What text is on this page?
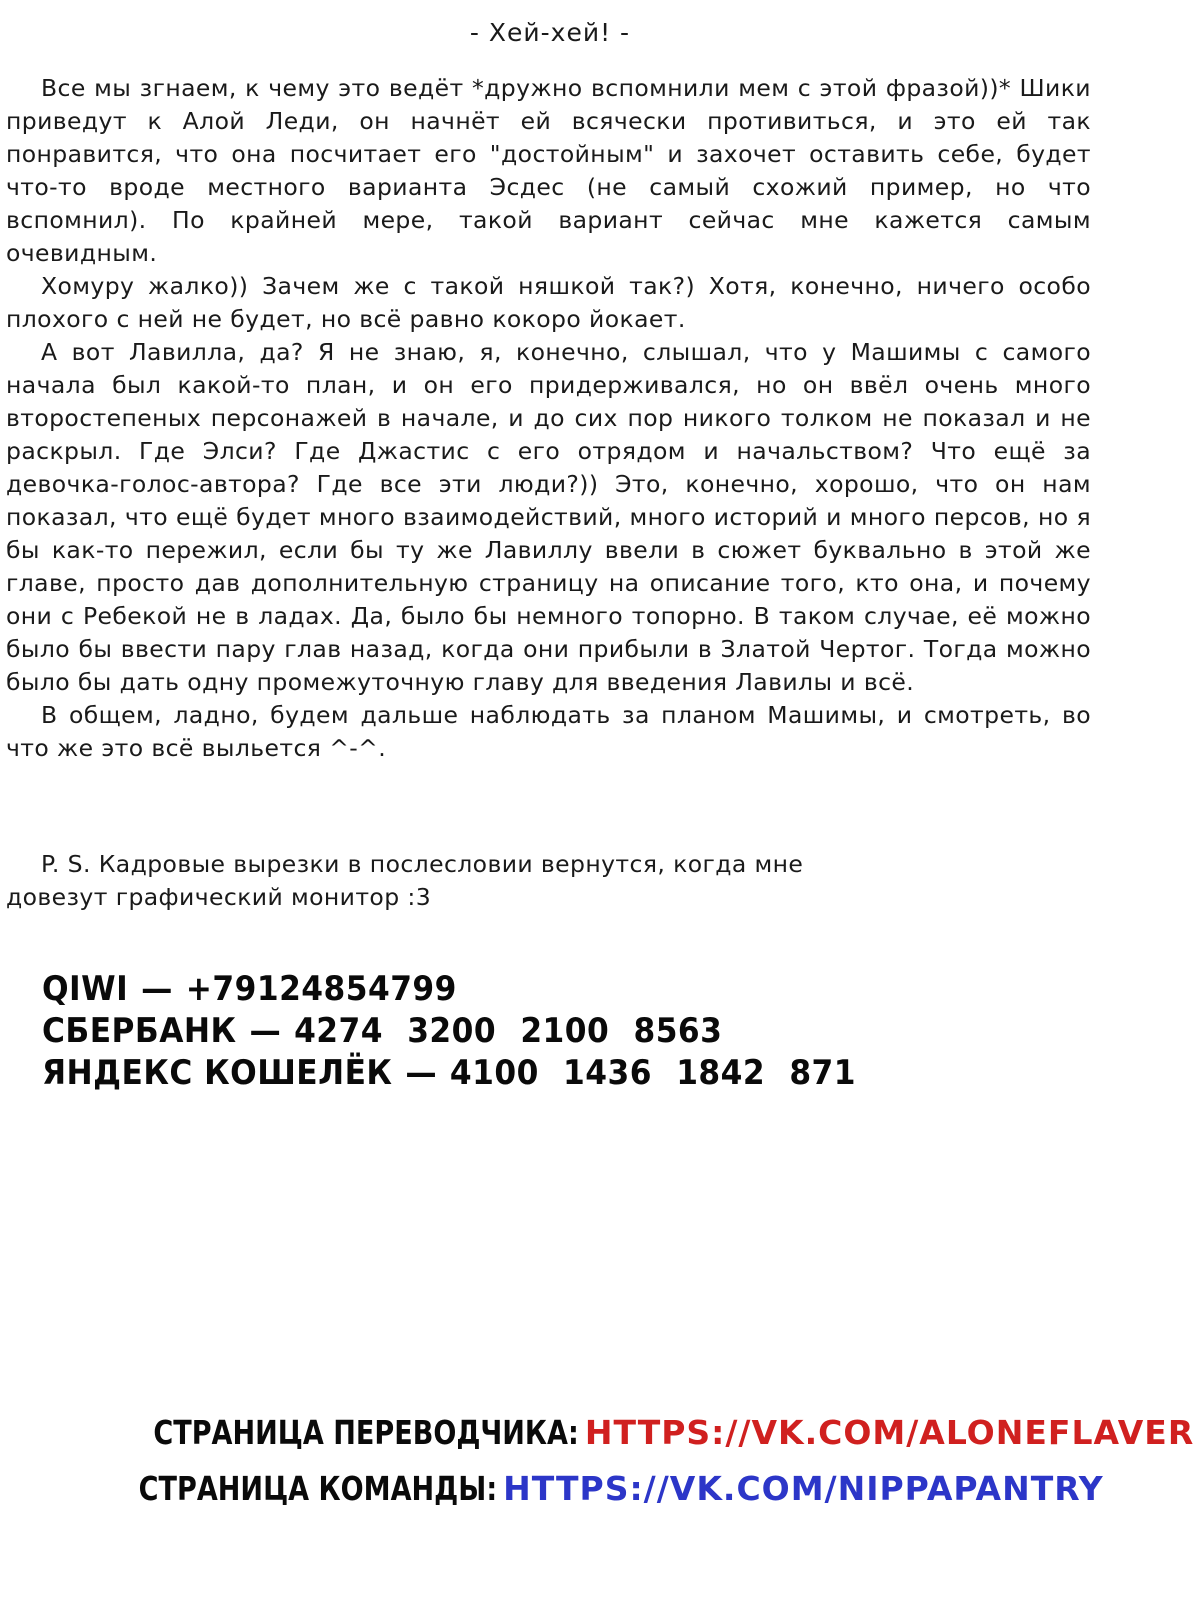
- Хей-хей! -

Все мы згнаем, к чему это ведёт *дружно вспомнили мем с этой фразой))* Шики приведут к Алой Леди, он начнёт ей всячески противиться, и это ей так понравится, что она посчитает его "достойным" и захочет оставить себе, будет что-то вроде местного варианта Эсдес (не самый схожий пример, но что вспомнил). По крайней мере, такой вариант сейчас мне кажется самым очевидным.

Хомуру жалко)) Зачем же с такой няшкой так?) Хотя, конечно, ничего особо плохого с ней не будет, но всё равно кокоро йокает.

А вот Лавилла, да? Я не знаю, я, конечно, слышал, что у Машимы с самого начала был какой-то план, и он его придерживался, но он ввёл очень много второстепеных персонажей в начале, и до сих пор никого толком не показал и не раскрыл. Где Элси? Где Джастис с его отрядом и начальством? Что ещё за девочка-голос-автора? Где все эти люди?)) Это, конечно, хорошо, что он нам показал, что ещё будет много взаимодействий, много историй и много персов, но я бы как-то пережил, если бы ту же Лавиллу ввели в сюжет буквально в этой же главе, просто дав дополнительную страницу на описание того, кто она, и почему они с Ребекой не в ладах. Да, было бы немного топорно. В таком случае, её можно было бы ввести пару глав назад, когда они прибыли в Златой Чертог. Тогда можно было бы дать одну промежуточную главу для введения Лавилы и всё.

В общем, ладно, будем дальше наблюдать за планом Машимы, и смотреть, во что же это всё выльется ^-^.

P. S. Кадровые вырезки в послесловии вернутся, когда мне довезут графический монитор :3
QIWI — +79124854799
СБЕРБАНК — 4274 3200 2100 8563
ЯНДЕКС КОШЕЛЁК — 4100 1436 1842 871
СТРАНИЦА ПЕРЕВОДЧИКА: HTTPS://VK.COM/ALONEFLAVER
СТРАНИЦА КОМАНДЫ: HTTPS://VK.COM/NIPPAPANTRY
